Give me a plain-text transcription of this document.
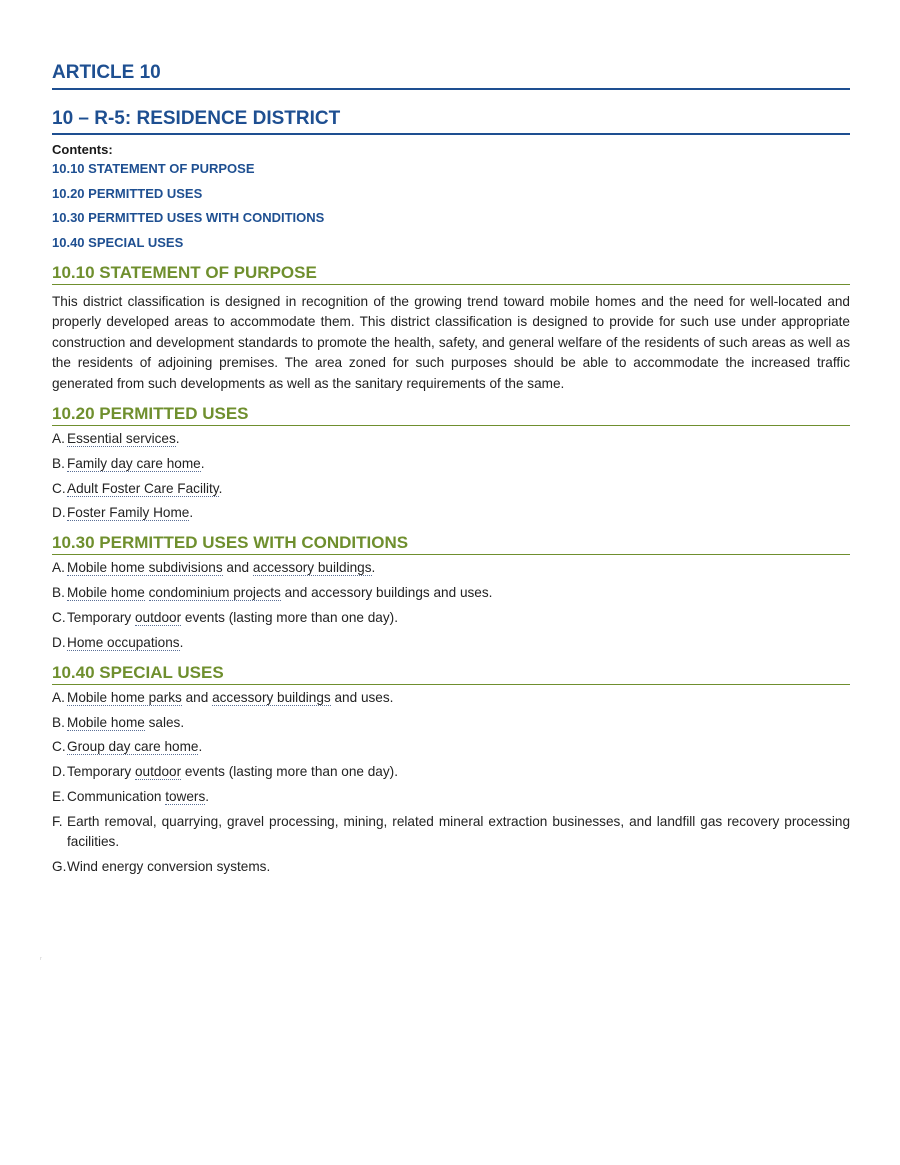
ARTICLE 10
10 – R-5: RESIDENCE DISTRICT
Contents:
10.10 STATEMENT OF PURPOSE
10.20 PERMITTED USES
10.30 PERMITTED USES WITH CONDITIONS
10.40 SPECIAL USES
10.10 STATEMENT OF PURPOSE

This district classification is designed in recognition of the growing trend toward mobile homes and the need for well-located and properly developed areas to accommodate them. This district classification is designed to provide for such use under appropriate construction and development standards to promote the health, safety, and general welfare of the residents of such areas as well as the residents of adjoining premises. The area zoned for such purposes should be able to accommodate the increased traffic generated from such developments as well as the sanitary requirements of the same.

10.20 PERMITTED USES
A. Essential services.
B. Family day care home.
C. Adult Foster Care Facility.
D. Foster Family Home.
10.30 PERMITTED USES WITH CONDITIONS
A. Mobile home subdivisions and accessory buildings.
B. Mobile home condominium projects and accessory buildings and uses.
C. Temporary outdoor events (lasting more than one day).
D. Home occupations.
10.40 SPECIAL USES
A. Mobile home parks and accessory buildings and uses.
B. Mobile home sales.
C. Group day care home.
D. Temporary outdoor events (lasting more than one day).
E. Communication towers.
F. Earth removal, quarrying, gravel processing, mining, related mineral extraction businesses, and landfill gas recovery processing facilities.
G. Wind energy conversion systems.
ʳ
